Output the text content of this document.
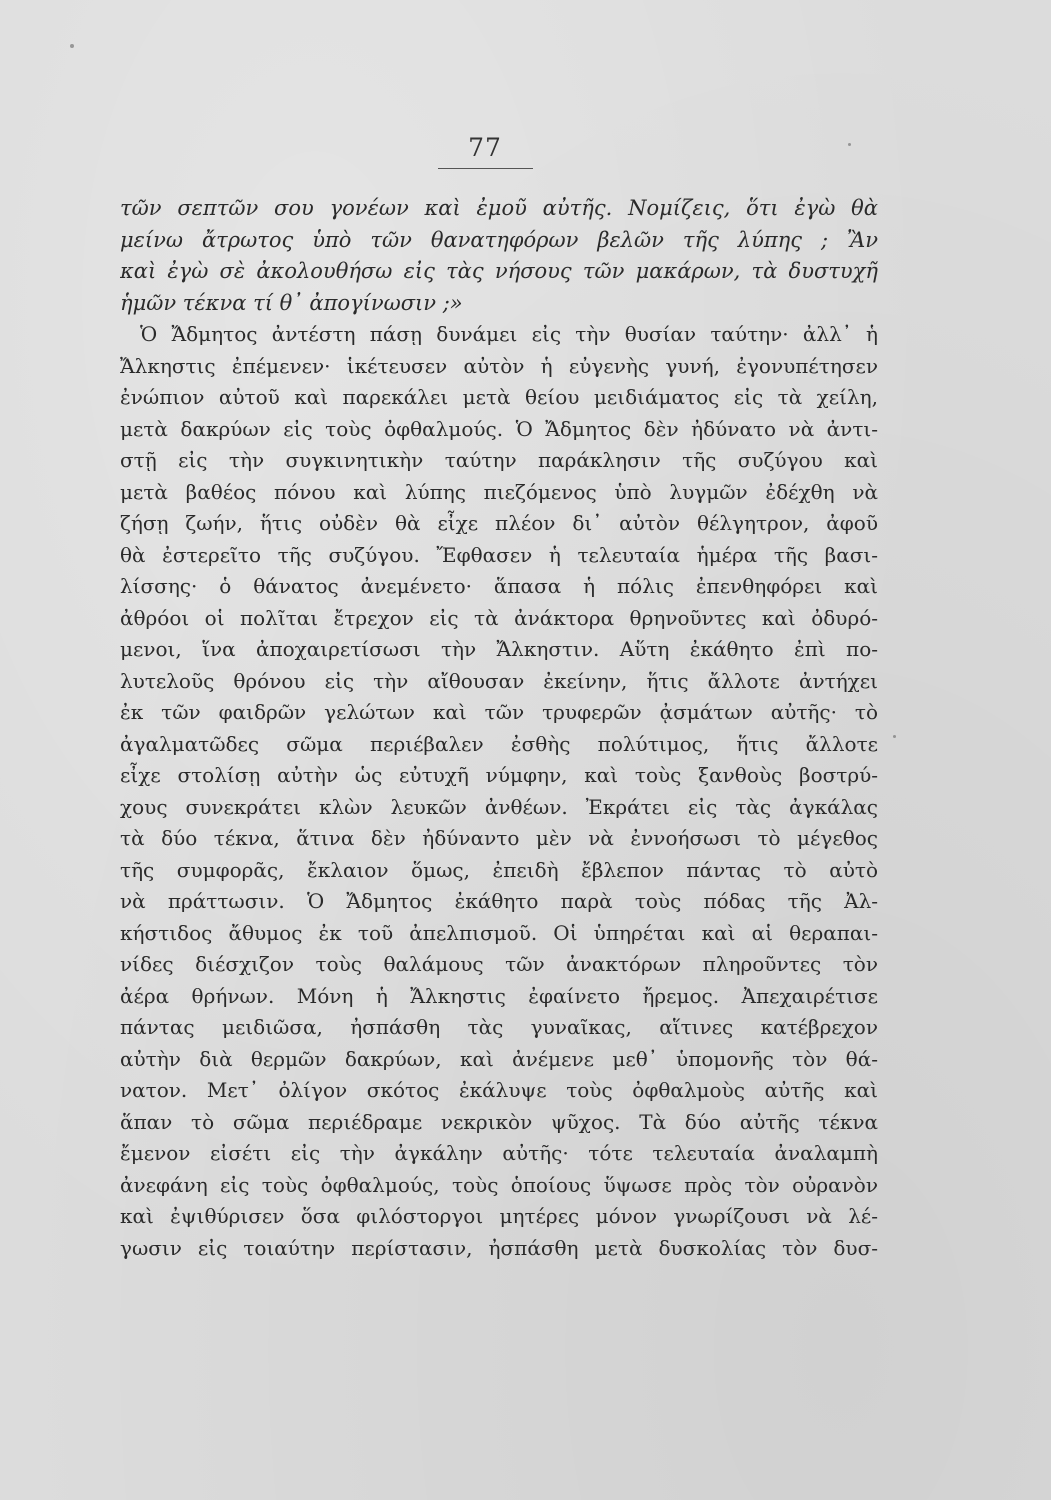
77
τῶν σεπτῶν σου γονέων καὶ ἐμοῦ αὐτῆς. Νομίζεις, ὅτι ἐγὼ θὰ
μείνω ἄτρωτος ὑπὸ τῶν θανατηφόρων βελῶν τῆς λύπης ; Ἂν
καὶ ἐγὼ σὲ ἀκολουθήσω εἰς τὰς νήσους τῶν μακάρων, τὰ δυστυχῆ
ἡμῶν τέκνα τί θ᾽ ἀπογίνωσιν ;»
Ὁ Ἄδμητος ἀντέστη πάσῃ δυνάμει εἰς τὴν θυσίαν ταύτην· ἀλλ᾽ ἡ
Ἄλκηστις ἐπέμενεν· ἱκέτευσεν αὐτὸν ἡ εὐγενὴς γυνή, ἐγονυπέτησεν
ἐνώπιον αὐτοῦ καὶ παρεκάλει μετὰ θείου μειδιάματος εἰς τὰ χείλη,
μετὰ δακρύων εἰς τοὺς ὀφθαλμούς. Ὁ Ἄδμητος δὲν ἠδύνατο νὰ ἀντι-
στῇ εἰς τὴν συγκινητικὴν ταύτην παράκλησιν τῆς συζύγου καὶ
μετὰ βαθέος πόνου καὶ λύπης πιεζόμενος ὑπὸ λυγμῶν ἐδέχθη νὰ
ζήσῃ ζωήν, ἥτις οὐδὲν θὰ εἶχε πλέον δι᾽ αὐτὸν θέλγητρον, ἀφοῦ
θὰ ἐστερεῖτο τῆς συζύγου. Ἔφθασεν ἡ τελευταία ἡμέρα τῆς βασι-
λίσσης· ὁ θάνατος ἀνεμένετο· ἅπασα ἡ πόλις ἐπενθηφόρει καὶ
ἀθρόοι οἱ πολῖται ἔτρεχον εἰς τὰ ἀνάκτορα θρηνοῦντες καὶ ὀδυρό-
μενοι, ἵνα ἀποχαιρετίσωσι τὴν Ἄλκηστιν. Αὕτη ἐκάθητο ἐπὶ πο-
λυτελοῦς θρόνου εἰς τὴν αἴθουσαν ἐκείνην, ἥτις ἄλλοτε ἀντήχει
ἐκ τῶν φαιδρῶν γελώτων καὶ τῶν τρυφερῶν ᾀσμάτων αὐτῆς· τὸ
ἀγαλματῶδες σῶμα περιέβαλεν ἐσθὴς πολύτιμος, ἥτις ἄλλοτε
εἶχε στολίσῃ αὐτὴν ὡς εὐτυχῆ νύμφην, καὶ τοὺς ξανθοὺς βοστρύ-
χους συνεκράτει κλὼν λευκῶν ἀνθέων. Ἐκράτει εἰς τὰς ἀγκάλας
τὰ δύο τέκνα, ἅτινα δὲν ἠδύναντο μὲν νὰ ἐννοήσωσι τὸ μέγεθος
τῆς συμφορᾶς, ἔκλαιον ὅμως, ἐπειδὴ ἔβλεπον πάντας τὸ αὐτὸ
νὰ πράττωσιν. Ὁ Ἄδμητος ἐκάθητο παρὰ τοὺς πόδας τῆς Ἀλ-
κήστιδος ἄθυμος ἐκ τοῦ ἀπελπισμοῦ. Οἱ ὑπηρέται καὶ αἱ θεραπαι-
νίδες διέσχιζον τοὺς θαλάμους τῶν ἀνακτόρων πληροῦντες τὸν
ἀέρα θρήνων. Μόνη ἡ Ἄλκηστις ἐφαίνετο ἤρεμος. Ἀπεχαιρέτισε
πάντας μειδιῶσα, ἠσπάσθη τὰς γυναῖκας, αἵτινες κατέβρεχον
αὐτὴν διὰ θερμῶν δακρύων, καὶ ἀνέμενε μεθ᾽ ὑπομονῆς τὸν θά-
νατον. Μετ᾽ ὀλίγον σκότος ἐκάλυψε τοὺς ὀφθαλμοὺς αὐτῆς καὶ
ἅπαν τὸ σῶμα περιέδραμε νεκρικὸν ψῦχος. Τὰ δύο αὐτῆς τέκνα
ἔμενον εἰσέτι εἰς τὴν ἀγκάλην αὐτῆς· τότε τελευταία ἀναλαμπὴ
ἀνεφάνη εἰς τοὺς ὀφθαλμούς, τοὺς ὁποίους ὕψωσε πρὸς τὸν οὐρανὸν
καὶ ἐψιθύρισεν ὅσα φιλόστοργοι μητέρες μόνον γνωρίζουσι νὰ λέ-
γωσιν εἰς τοιαύτην περίστασιν, ἠσπάσθη μετὰ δυσκολίας τὸν δυσ-
